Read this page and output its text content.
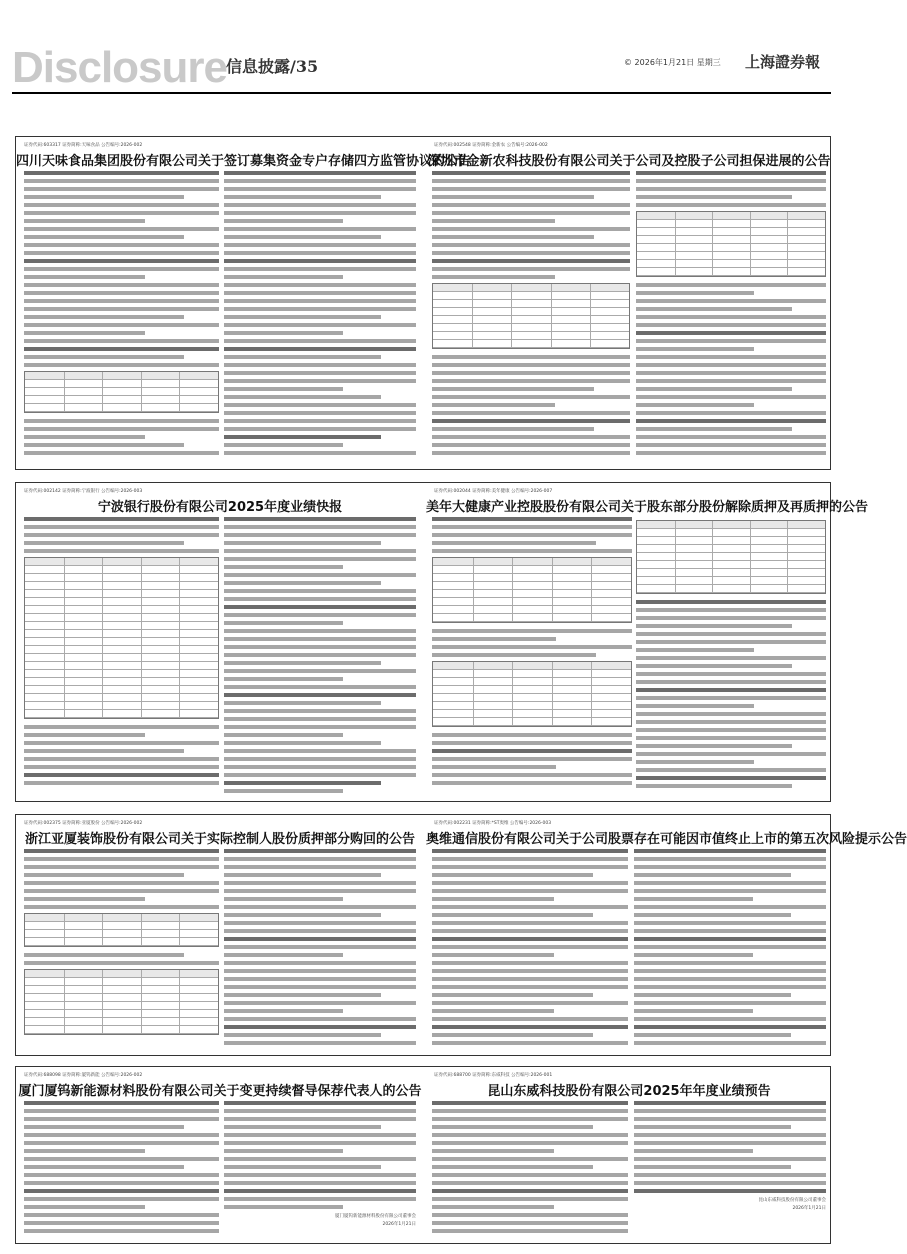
Disclosure 信息披露/35	© 2026年1月21日 星期三 上海證券報
证券代码:603317 证券简称:天味食品 公告编号:2026-002
四川天味食品集团股份有限公司关于签订募集资金专户存储四方监管协议的公告
证券代码:002548 证券简称:金新农 公告编号:2026-002
深圳市金新农科技股份有限公司关于公司及控股子公司担保进展的公告
证券代码:002142 证券简称:宁波银行 公告编号:2026-003
宁波银行股份有限公司2025年度业绩快报
证券代码:002044 证券简称:美年健康 公告编号:2026-007
美年大健康产业控股股份有限公司关于股东部分股份解除质押及再质押的公告
证券代码:002375 证券简称:亚厦股份 公告编号:2026-002
浙江亚厦装饰股份有限公司关于实际控制人股份质押部分购回的公告
证券代码:002231 证券简称:*ST奥维 公告编号:2026-003
奥维通信股份有限公司关于公司股票存在可能因市值终止上市的第五次风险提示公告
证券代码:688098 证券简称:厦钨新能 公告编号:2026-002
厦门厦钨新能源材料股份有限公司关于变更持续督导保荐代表人的公告
厦门厦钨新能源材料股份有限公司董事会
2026年1月21日
证券代码:688700 证券简称:东威科技 公告编号:2026-001
昆山东威科技股份有限公司2025年年度业绩预告
昆山东威科技股份有限公司董事会
2026年1月21日
